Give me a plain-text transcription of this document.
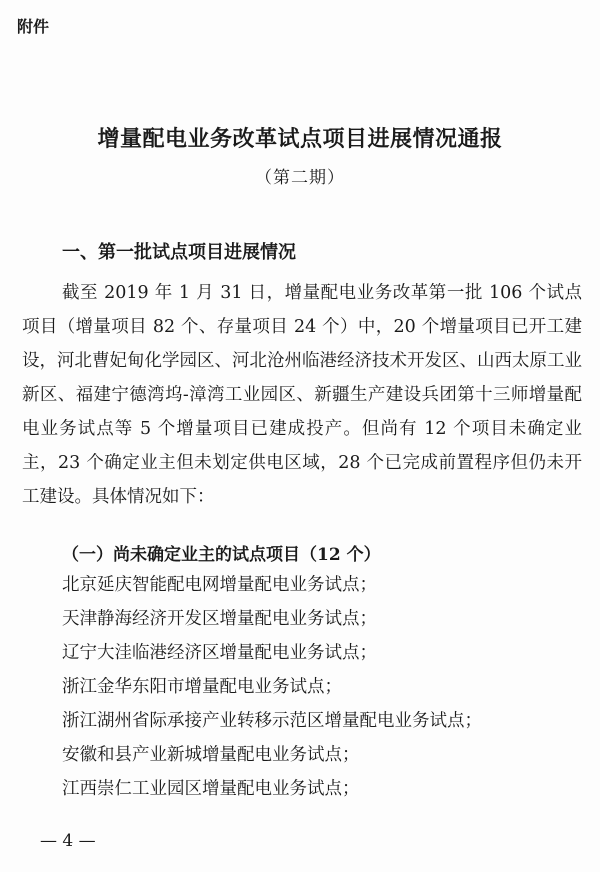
附件
增量配电业务改革试点项目进展情况通报
（第二期）
一、第一批试点项目进展情况

截至 2019 年 1 月 31 日，增量配电业务改革第一批 106 个试点项目（增量项目 82 个、存量项目 24 个）中，20 个增量项目已开工建设，河北曹妃甸化学园区、河北沧州临港经济技术开发区、山西太原工业新区、福建宁德湾坞-漳湾工业园区、新疆生产建设兵团第十三师增量配电业务试点等 5 个增量项目已建成投产。但尚有 12 个项目未确定业主，23 个确定业主但未划定供电区域，28 个已完成前置程序但仍未开工建设。具体情况如下：

（一）尚未确定业主的试点项目（12 个）
北京延庆智能配电网增量配电业务试点；
天津静海经济开发区增量配电业务试点；
辽宁大洼临港经济区增量配电业务试点；
浙江金华东阳市增量配电业务试点；
浙江湖州省际承接产业转移示范区增量配电业务试点；
安徽和县产业新城增量配电业务试点；
江西崇仁工业园区增量配电业务试点；
— 4 —
